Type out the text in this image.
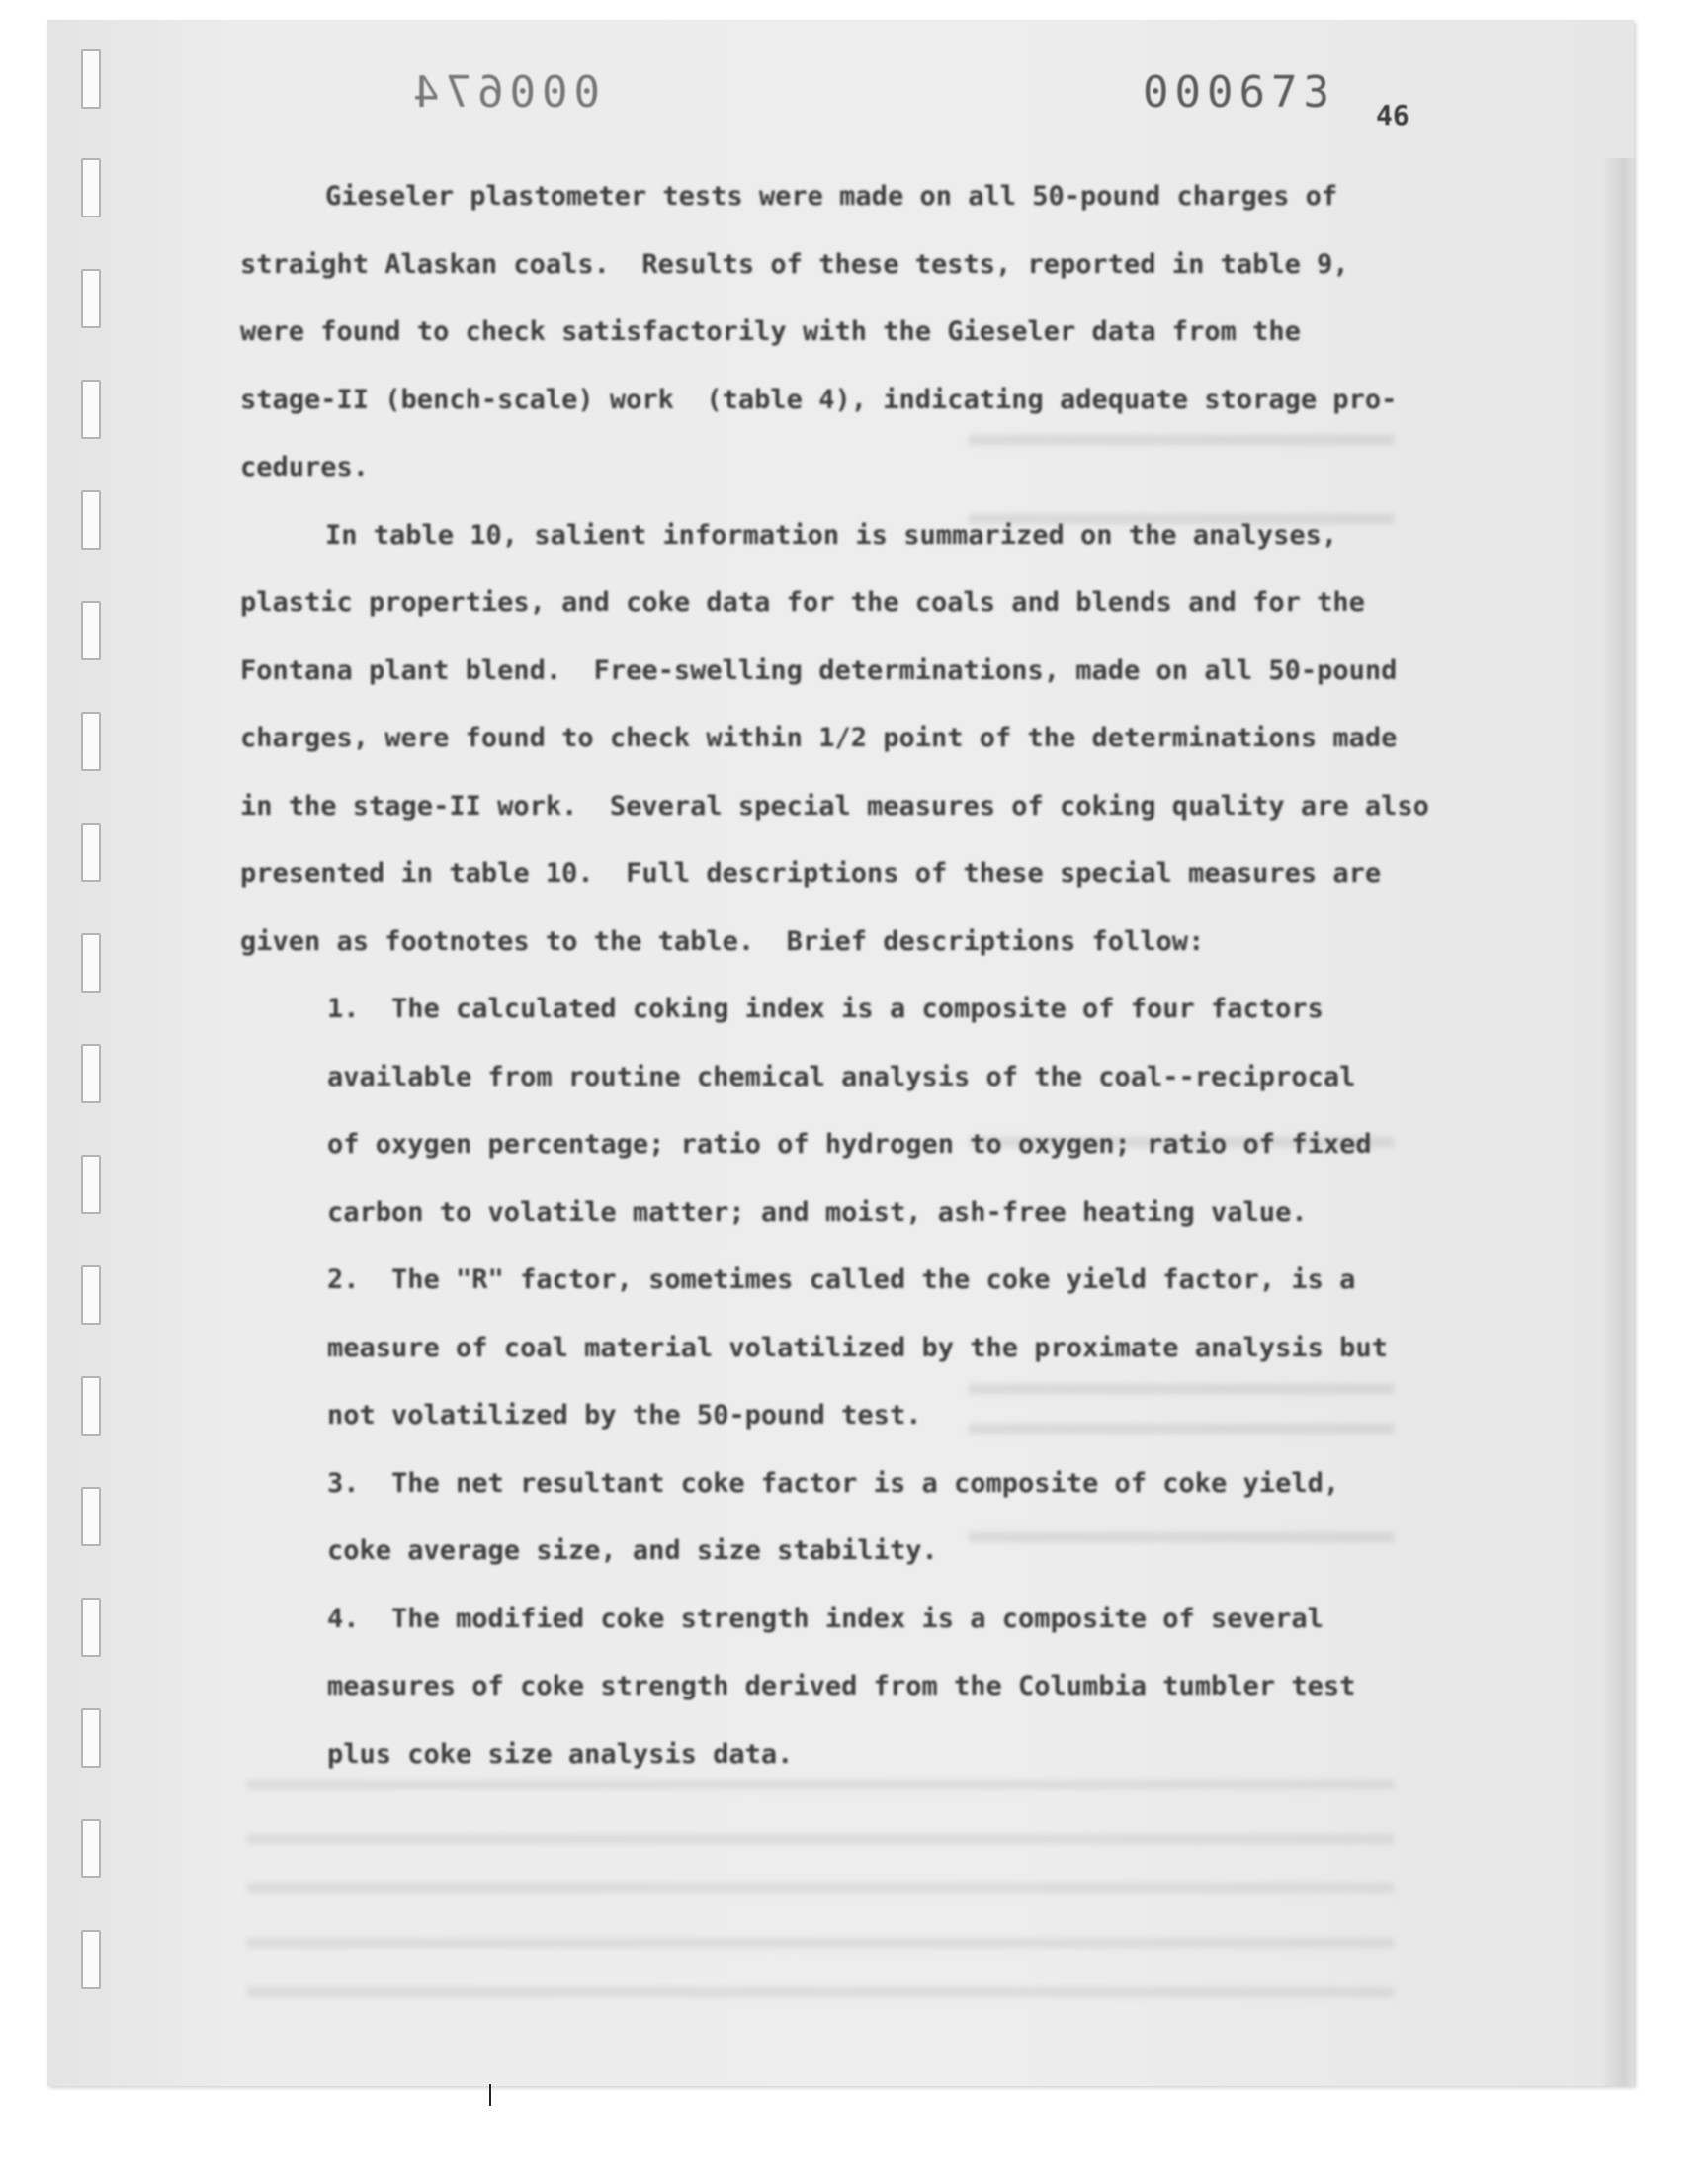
000674	000673 46
Gieseler plastometer tests were made on all 50-pound charges of
straight Alaskan coals.  Results of these tests, reported in table 9,
were found to check satisfactorily with the Gieseler data from the
stage-II (bench-scale) work  (table 4), indicating adequate storage pro-
cedures.
In table 10, salient information is summarized on the analyses,
plastic properties, and coke data for the coals and blends and for the
Fontana plant blend.  Free-swelling determinations, made on all 50-pound
charges, were found to check within 1/2 point of the determinations made
in the stage-II work.  Several special measures of coking quality are also
presented in table 10.  Full descriptions of these special measures are
given as footnotes to the table.  Brief descriptions follow:
1.  The calculated coking index is a composite of four factors
available from routine chemical analysis of the coal--reciprocal
of oxygen percentage; ratio of hydrogen to oxygen; ratio of fixed
carbon to volatile matter; and moist, ash-free heating value.
2.  The "R" factor, sometimes called the coke yield factor, is a
measure of coal material volatilized by the proximate analysis but
not volatilized by the 50-pound test.
3.  The net resultant coke factor is a composite of coke yield,
coke average size, and size stability.
4.  The modified coke strength index is a composite of several
measures of coke strength derived from the Columbia tumbler test
plus coke size analysis data.
